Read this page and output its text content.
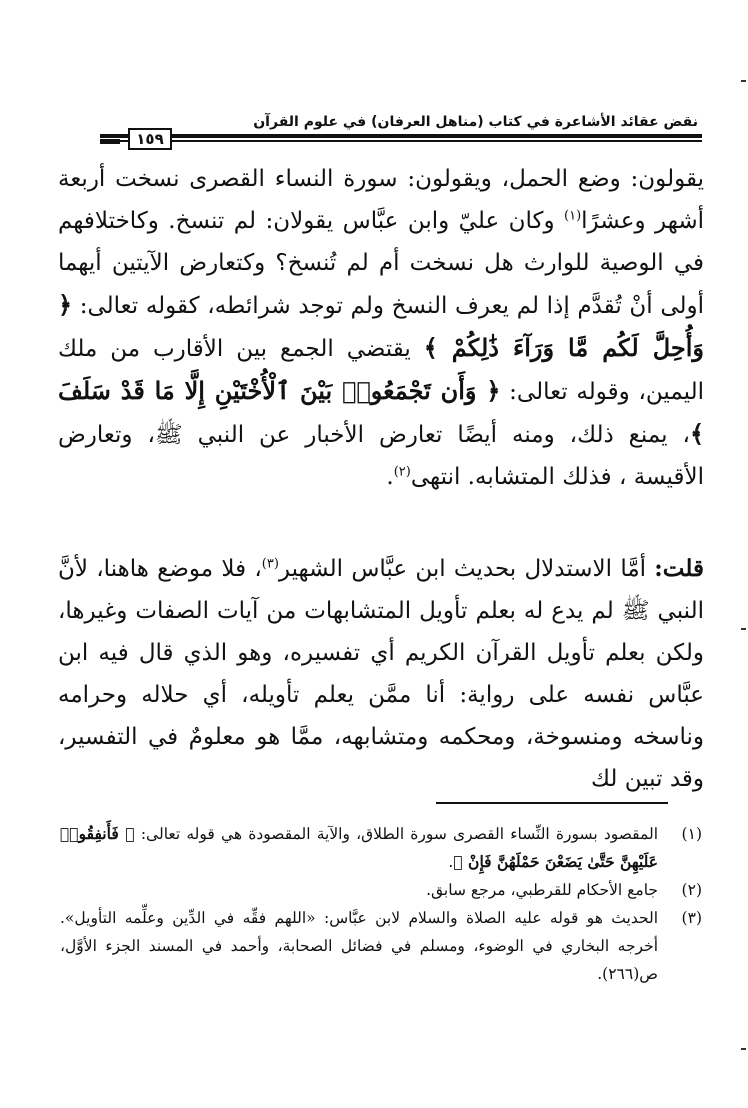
نقض عقائد الأشاعرة في كتاب (مناهل العرفان) في علوم القرآن
١٥٩
يقولون: وضع الحمل، ويقولون: سورة النساء القصرى نسخت أربعة أشهر وعشرًا$^{(١)}$ وكان عليّ وابن عبَّاس يقولان: لم تنسخ. وكاختلافهم في الوصية للوارث هل نسخت أم لم تُنسخ؟ وكتعارض الآيتين أيهما أولى أنْ تُقدَّم إذا لم يعرف النسخ ولم توجد شرائطه، كقوله تعالى: ﴿ وَأُحِلَّ لَكُم مَّا وَرَآءَ ذَٰلِكُمْ ﴾ يقتضي الجمع بين الأقارب من ملك اليمين، وقوله تعالى: ﴿ وَأَن تَجْمَعُوا۟ بَيْنَ ٱلْأُخْتَيْنِ إِلَّا مَا قَدْ سَلَفَ ﴾، يمنع ذلك، ومنه أيضًا تعارض الأخبار عن النبي ﷺ، وتعارض الأقيسة ، فذلك المتشابه. انتهى$^{(٢)}$.
قلت: أمَّا الاستدلال بحديث ابن عبَّاس الشهير$^{(٣)}$، فلا موضع هاهنا، لأنَّ النبي ﷺ لم يدع له بعلم تأويل المتشابهات من آيات الصفات وغيرها، ولكن بعلم تأويل القرآن الكريم أي تفسيره، وهو الذي قال فيه ابن عبَّاس نفسه على رواية: أنا ممَّن يعلم تأويله، أي حلاله وحرامه وناسخه ومنسوخة، ومحكمه ومتشابهه، ممَّا هو معلومٌ في التفسير، وقد تبين لك
(١)
المقصود بسورة النِّساء القصرى سورة الطلاق، والآية المقصودة هي قوله تعالى: ﴿ فَأَنفِقُوا۟ عَلَيْهِنَّ حَتَّىٰ يَضَعْنَ حَمْلَهُنَّ فَإِنْ ﴾.
(٢)
جامع الأحكام للقرطبي، مرجع سابق.
(٣)
الحديث هو قوله عليه الصلاة والسلام لابن عبَّاس: «اللهم فقِّه في الدِّين وعلِّمه التأويل». أخرجه البخاري في الوضوء، ومسلم في فضائل الصحابة، وأحمد في المسند الجزء الأوَّل، ص(٢٦٦).
